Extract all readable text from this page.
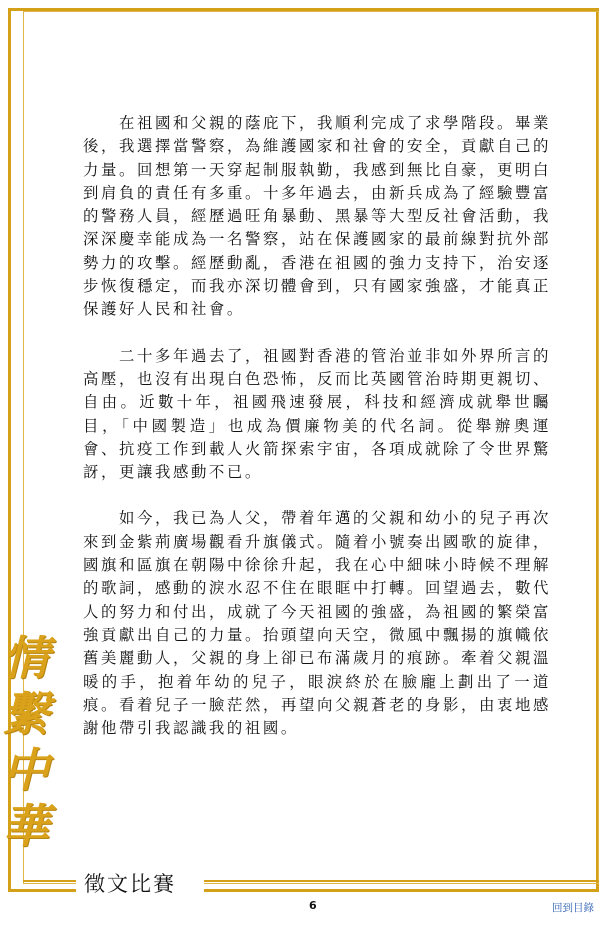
在祖國和父親的蔭庇下，我順利完成了求學階段。畢業後，我選擇當警察，為維護國家和社會的安全，貢獻自己的力量。回想第一天穿起制服執勤，我感到無比自豪，更明白到肩負的責任有多重。十多年過去，由新兵成為了經驗豐富的警務人員，經歷過旺角暴動、黑暴等大型反社會活動，我深深慶幸能成為一名警察，站在保護國家的最前線對抗外部勢力的攻擊。經歷動亂，香港在祖國的強力支持下，治安逐步恢復穩定，而我亦深切體會到，只有國家強盛，才能真正保護好人民和社會。

二十多年過去了，祖國對香港的管治並非如外界所言的高壓，也沒有出現白色恐怖，反而比英國管治時期更親切、自由。近數十年，祖國飛速發展，科技和經濟成就舉世矚目，「中國製造」也成為價廉物美的代名詞。從舉辦奧運會、抗疫工作到載人火箭探索宇宙，各項成就除了令世界驚訝，更讓我感動不已。

如今，我已為人父，帶着年邁的父親和幼小的兒子再次來到金紫荊廣場觀看升旗儀式。隨着小號奏出國歌的旋律，國旗和區旗在朝陽中徐徐升起，我在心中細味小時候不理解的歌詞，感動的淚水忍不住在眼眶中打轉。回望過去，數代人的努力和付出，成就了今天祖國的強盛，為祖國的繁榮富強貢獻出自己的力量。抬頭望向天空，微風中飄揚的旗幟依舊美麗動人，父親的身上卻已布滿歲月的痕跡。牽着父親溫暖的手，抱着年幼的兒子，眼淚終於在臉龐上劃出了一道痕。看着兒子一臉茫然，再望向父親蒼老的身影，由衷地感謝他帶引我認識我的祖國。

情
繫
中
華
徵文比賽
6	回到目錄
